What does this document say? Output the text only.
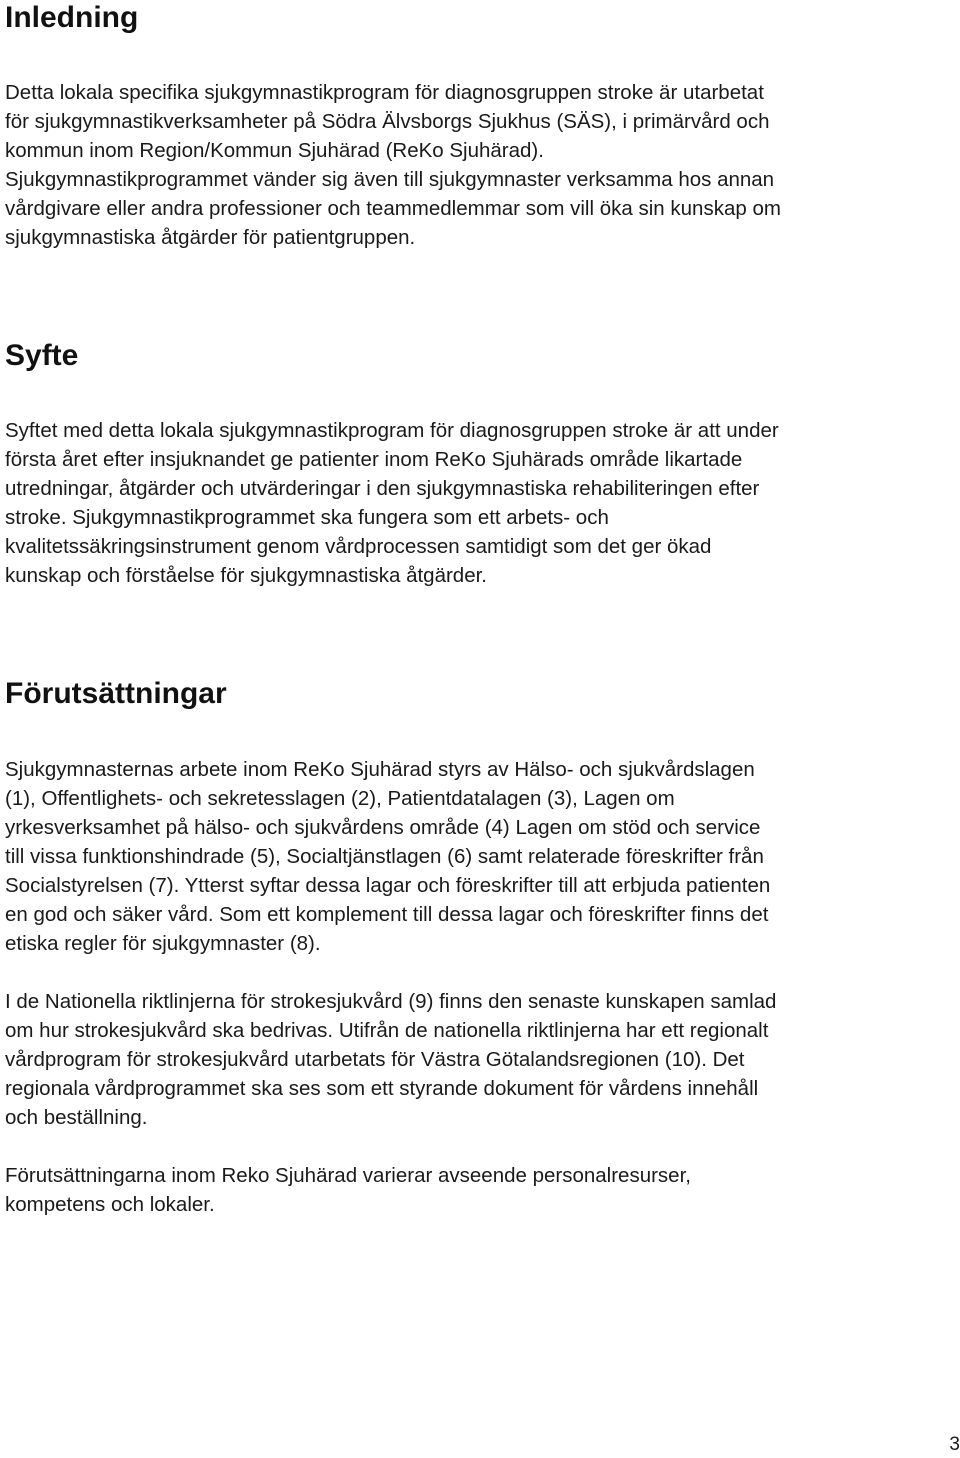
Inledning

Detta lokala specifika sjukgymnastikprogram för diagnosgruppen stroke är utarbetat
för sjukgymnastikverksamheter på Södra Älvsborgs Sjukhus (SÄS), i primärvård och
kommun inom Region/Kommun Sjuhärad (ReKo Sjuhärad).
Sjukgymnastikprogrammet vänder sig även till sjukgymnaster verksamma hos annan
vårdgivare eller andra professioner och teammedlemmar som vill öka sin kunskap om
sjukgymnastiska åtgärder för patientgruppen.

Syfte

Syftet med detta lokala sjukgymnastikprogram för diagnosgruppen stroke är att under
första året efter insjuknandet ge patienter inom ReKo Sjuhärads område likartade
utredningar, åtgärder och utvärderingar i den sjukgymnastiska rehabiliteringen efter
stroke. Sjukgymnastikprogrammet ska fungera som ett arbets- och
kvalitetssäkringsinstrument genom vårdprocessen samtidigt som det ger ökad
kunskap och förståelse för sjukgymnastiska åtgärder.

Förutsättningar

Sjukgymnasternas arbete inom ReKo Sjuhärad styrs av Hälso- och sjukvårdslagen
(1), Offentlighets- och sekretesslagen (2), Patientdatalagen (3), Lagen om
yrkesverksamhet på hälso- och sjukvårdens område (4) Lagen om stöd och service
till vissa funktionshindrade (5), Socialtjänstlagen (6) samt relaterade föreskrifter från
Socialstyrelsen (7). Ytterst syftar dessa lagar och föreskrifter till att erbjuda patienten
en god och säker vård. Som ett komplement till dessa lagar och föreskrifter finns det
etiska regler för sjukgymnaster (8).

I de Nationella riktlinjerna för strokesjukvård (9) finns den senaste kunskapen samlad
om hur strokesjukvård ska bedrivas. Utifrån de nationella riktlinjerna har ett regionalt
vårdprogram för strokesjukvård utarbetats för Västra Götalandsregionen (10). Det
regionala vårdprogrammet ska ses som ett styrande dokument för vårdens innehåll
och beställning.

Förutsättningarna inom Reko Sjuhärad varierar avseende personalresurser,
kompetens och lokaler.

3
